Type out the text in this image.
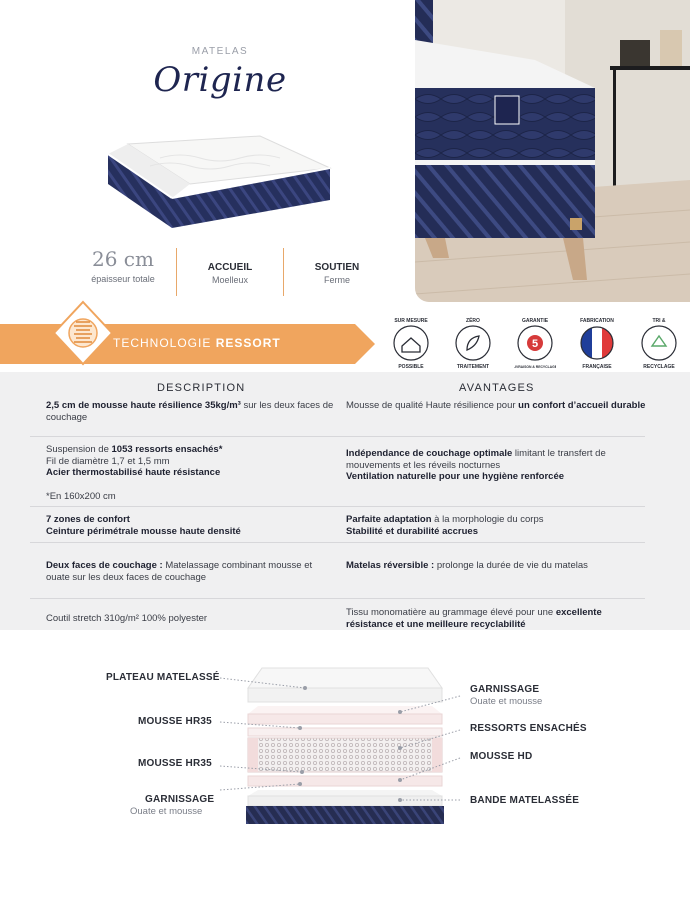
MATELAS
Origine
26 cm
épaisseur totale
ACCUEIL
Moelleux
SOUTIEN
Ferme
TECHNOLOGIE RESSORT
SUR MESURE
POSSIBLE
ZÉRO
TRAITEMENT
5
GARANTIE
LIVRAISON & RECYCLAGE
FABRICATION
FRANÇAISE
TRI &
RECYCLAGE
DESCRIPTION	AVANTAGES
2,5 cm de mousse haute résilience 35kg/m³ sur les deux faces de couchage
Mousse de qualité Haute résilience pour un confort d’accueil durable
Suspension de 1053 ressorts ensachés*
Fil de diamètre 1,7 et 1,5 mm
Acier thermostabilisé haute résistance
*En 160x200 cm
Indépendance de couchage optimale limitant le transfert de mouvements et les réveils nocturnes
Ventilation naturelle pour une hygiène renforcée
7 zones de confort
Ceinture périmétrale mousse haute densité
Parfaite adaptation à la morphologie du corps
Stabilité et durabilité accrues
Deux faces de couchage : Matelassage combinant mousse et ouate sur les deux faces de couchage
Matelas réversible : prolonge la durée de vie du matelas
Coutil stretch 310g/m² 100% polyester
Tissu monomatière au grammage élevé pour une excellente résistance et une meilleure recyclabilité
PLATEAU MATELASSÉ
MOUSSE HR35
MOUSSE HR35
GARNISSAGE
Ouate et mousse
GARNISSAGE
Ouate et mousse
RESSORTS ENSACHÉS
MOUSSE HD
BANDE MATELASSÉE
